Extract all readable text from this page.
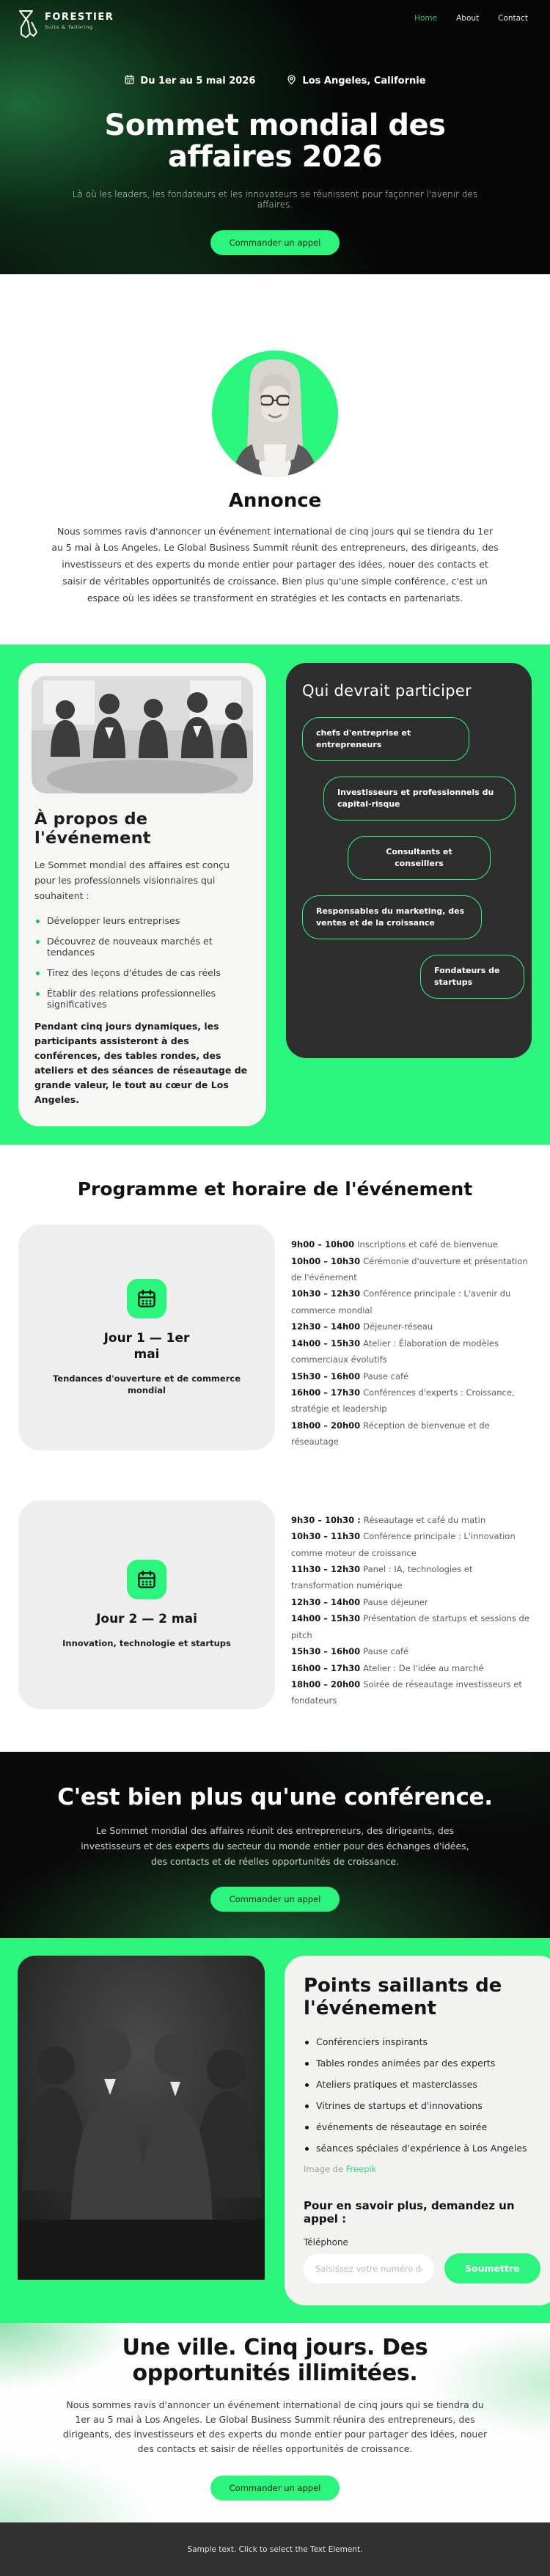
FORESTIER
Suits & Tailoring
Home About Contact
Du 1er au 5 mai 2026	Los Angeles, Californie
Sommet mondial des affaires 2026

Là où les leaders, les fondateurs et les innovateurs se réunissent pour façonner l'avenir des affaires.

Commander un appel
Annonce

Nous sommes ravis d'annoncer un événement international de cinq jours qui se tiendra du 1er au 5 mai à Los Angeles. Le Global Business Summit réunit des entrepreneurs, des dirigeants, des investisseurs et des experts du monde entier pour partager des idées, nouer des contacts et saisir de véritables opportunités de croissance. Bien plus qu'une simple conférence, c'est un espace où les idées se transforment en stratégies et les contacts en partenariats.

À propos de l'événement

Le Sommet mondial des affaires est conçu pour les professionnels visionnaires qui souhaitent :

Développer leurs entreprises
Découvrez de nouveaux marchés et tendances
Tirez des leçons d'études de cas réels
Établir des relations professionnelles significatives

Pendant cinq jours dynamiques, les participants assisteront à des conférences, des tables rondes, des ateliers et des séances de réseautage de grande valeur, le tout au cœur de Los Angeles.

Qui devrait participer
chefs d'entreprise et entrepreneurs
Investisseurs et professionnels du capital-risque
Consultants et conseillers
Responsables du marketing, des ventes et de la croissance
Fondateurs de startups
Programme et horaire de l'événement
Jour 1 — 1er mai
Tendances d'ouverture et de commerce mondial
9h00 – 10h00 Inscriptions et café de bienvenue
10h00 – 10h30 Cérémonie d'ouverture et présentation de l'événement
10h30 – 12h30 Conférence principale : L'avenir du commerce mondial
12h30 – 14h00 Déjeuner-réseau
14h00 – 15h30 Atelier : Élaboration de modèles commerciaux évolutifs
15h30 – 16h00 Pause café
16h00 – 17h30 Conférences d'experts : Croissance, stratégie et leadership
18h00 – 20h00 Réception de bienvenue et de réseautage
Jour 2 — 2 mai
Innovation, technologie et startups
9h30 – 10h30 : Réseautage et café du matin
10h30 – 11h30 Conférence principale : L'innovation comme moteur de croissance
11h30 – 12h30 Panel : IA, technologies et transformation numérique
12h30 – 14h00 Pause déjeuner
14h00 – 15h30 Présentation de startups et sessions de pitch
15h30 – 16h00 Pause café
16h00 – 17h30 Atelier : De l'idée au marché
18h00 – 20h00 Soirée de réseautage investisseurs et fondateurs
C'est bien plus qu'une conférence.

Le Sommet mondial des affaires réunit des entrepreneurs, des dirigeants, des investisseurs et des experts du secteur du monde entier pour des échanges d'idées, des contacts et de réelles opportunités de croissance.

Commander un appel
Points saillants de l'événement
Conférenciers inspirants
Tables rondes animées par des experts
Ateliers pratiques et masterclasses
Vitrines de startups et d'innovations
événements de réseautage en soirée
séances spéciales d'expérience à Los Angeles
Image de Freepik
Pour en savoir plus, demandez un appel :
Téléphone
Saisissez votre numéro de téléphone (ex.
Soumettre
Une ville. Cinq jours. Des opportunités illimitées.

Nous sommes ravis d'annoncer un événement international de cinq jours qui se tiendra du 1er au 5 mai à Los Angeles. Le Global Business Summit réunira des entrepreneurs, des dirigeants, des investisseurs et des experts du monde entier pour partager des idées, nouer des contacts et saisir de réelles opportunités de croissance.

Commander un appel
Sample text. Click to select the Text Element.
